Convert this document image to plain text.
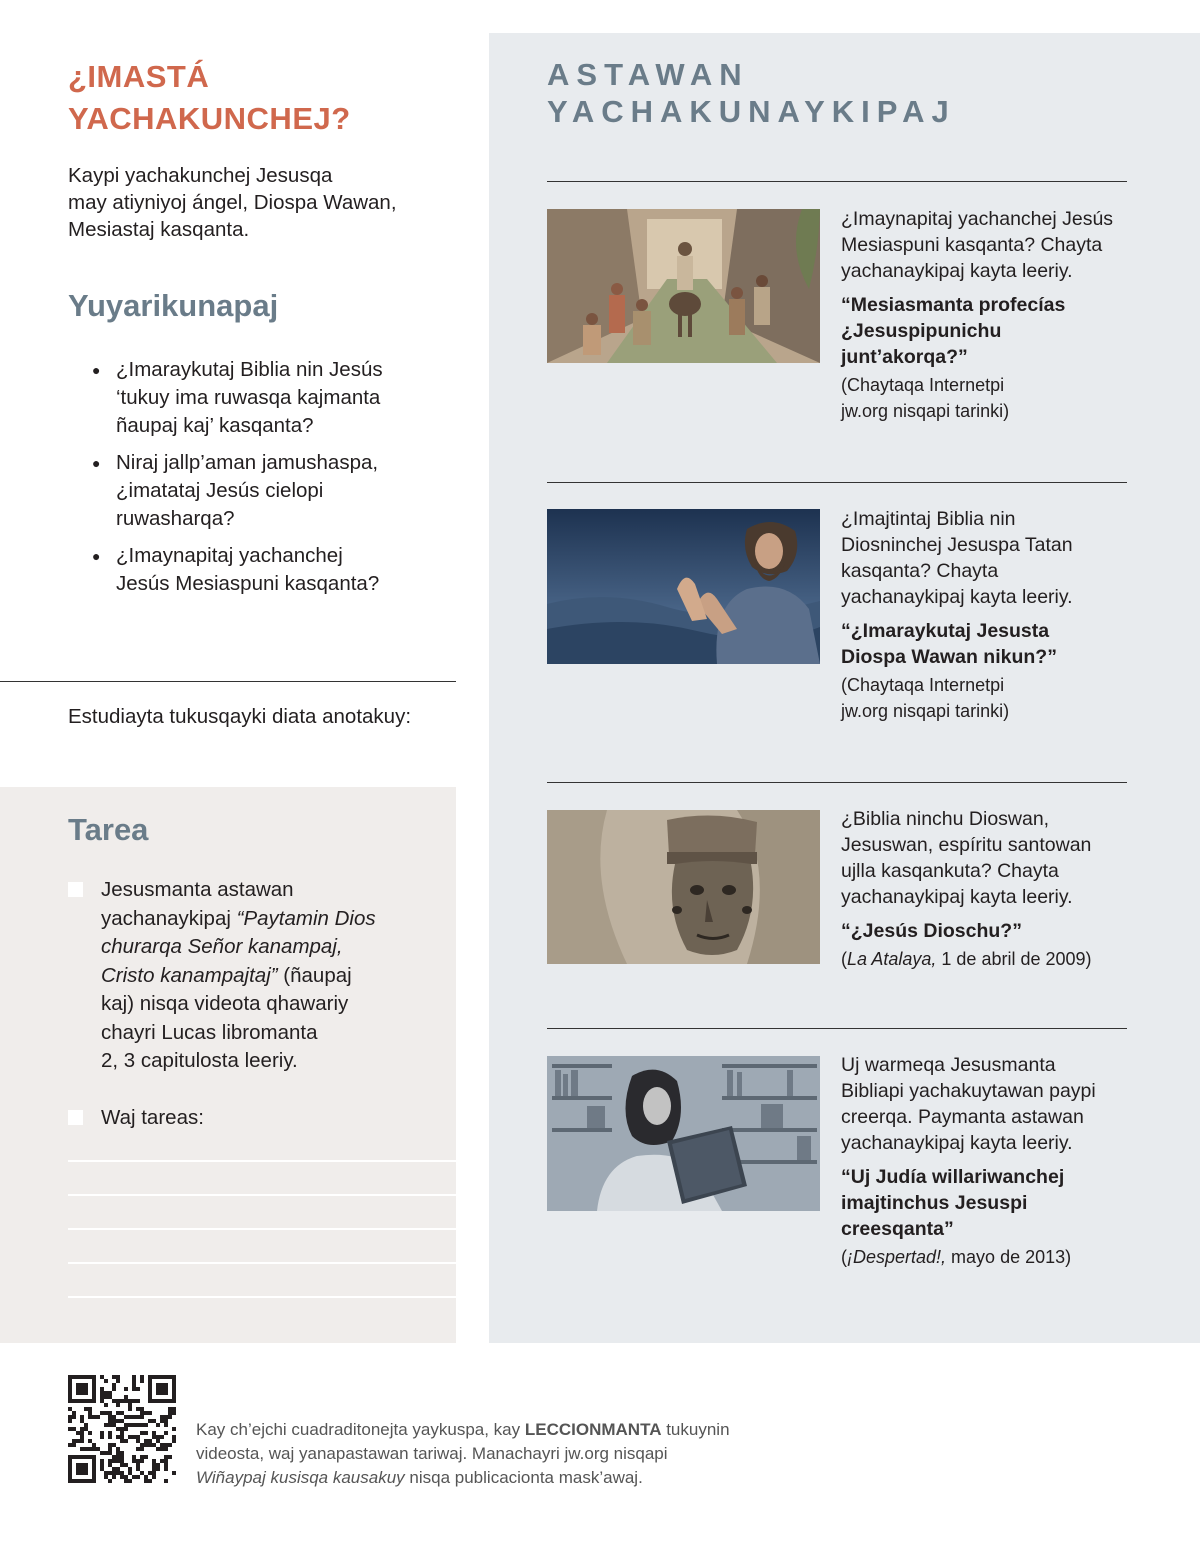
¿IMASTÁ
YACHAKUNCHEJ?
Kaypi yachakunchej Jesusqa
may atiyniyoj ángel, Diospa Wawan,
Mesiastaj kasqanta.
Yuyarikunapaj
● ¿Imaraykutaj Biblia nin Jesús
‘tukuy ima ruwasqa kajmanta
ñaupaj kaj’ kasqanta?
● Niraj jallp’aman jamushaspa,
¿imatataj Jesús cielopi
ruwasharqa?
● ¿Imaynapitaj yachanchej
Jesús Mesiaspuni kasqanta?
Estudiayta tukusqayki diata anotakuy:
Tarea
Jesusmanta astawan
yachanaykipaj “Paytamin Dios
churarqa Señor kanampaj,
Cristo kanampajtaj” (ñaupaj
kaj) nisqa videota qhawariy
chayri Lucas libromanta
2, 3 capitulosta leeriy.
Waj tareas:
ASTAWAN
YACHAKUNAYKIPAJ
¿Imaynapitaj yachanchej Jesús
Mesiaspuni kasqanta? Chayta
yachanaykipaj kayta leeriy.
“Mesiasmanta profecías
¿Jesuspipunichu
junt’akorqa?”
(Chaytaqa Internetpi
jw.org nisqapi tarinki)
¿Imajtintaj Biblia nin
Diosninchej Jesuspa Tatan
kasqanta? Chayta
yachanaykipaj kayta leeriy.
“¿Imaraykutaj Jesusta
Diospa Wawan nikun?”
(Chaytaqa Internetpi
jw.org nisqapi tarinki)
¿Biblia ninchu Dioswan,
Jesuswan, espíritu santowan
ujlla kasqankuta? Chayta
yachanaykipaj kayta leeriy.
“¿Jesús Dioschu?”
(La Atalaya, 1 de abril de 2009)
Uj warmeqa Jesusmanta
Bibliapi yachakuytawan paypi
creerqa. Paymanta astawan
yachanaykipaj kayta leeriy.
“Uj Judía willariwanchej
imajtinchus Jesuspi
creesqanta”
(¡Despertad!, mayo de 2013)
Kay ch’ejchi cuadraditonejta yaykuspa, kay LECCIONMANTA tukuynin
videosta, waj yanapastawan tariwaj. Manachayri jw.org nisqapi
Wiñaypaj kusisqa kausakuy nisqa publicacionta mask’awaj.
